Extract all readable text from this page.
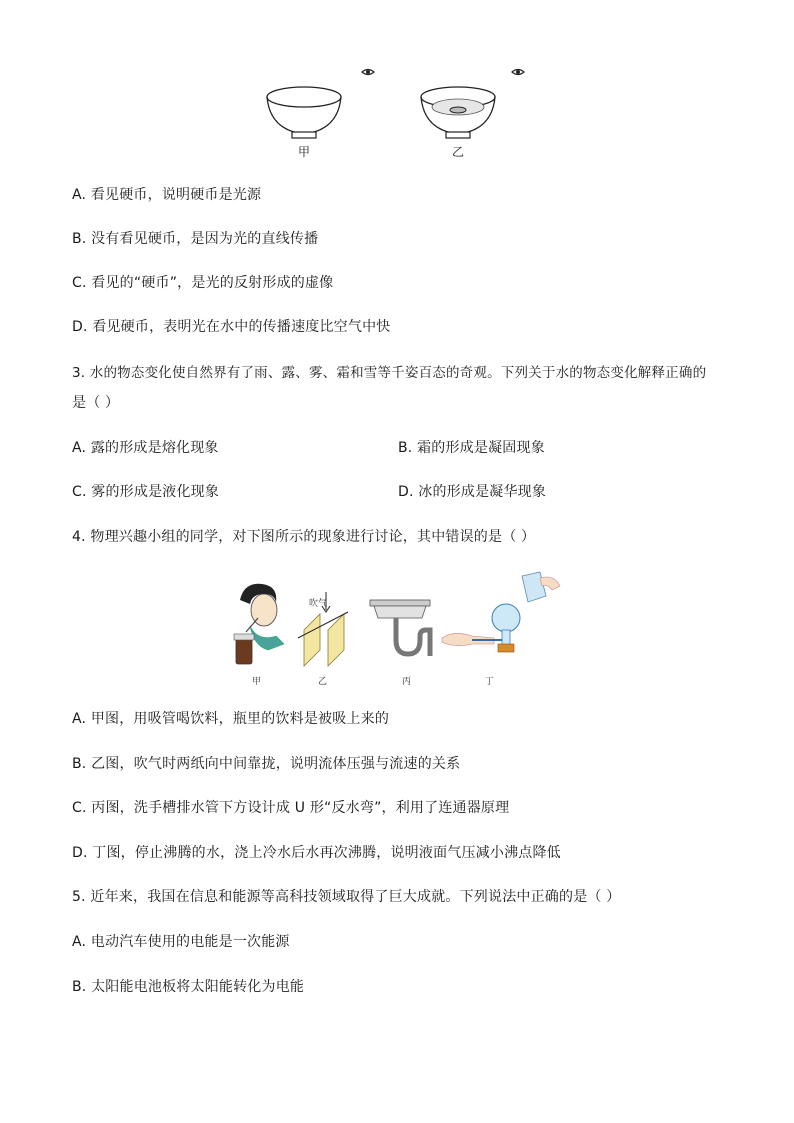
甲	乙
A. 看见硬币，说明硬币是光源
B. 没有看见硬币，是因为光的直线传播
C. 看见的“硬币”，是光的反射形成的虚像
D. 看见硬币，表明光在水中的传播速度比空气中快
3. 水的物态变化使自然界有了雨、露、雾、霜和雪等千姿百态的奇观。下列关于水的物态变化解释正确的
是（ ）
A. 露的形成是熔化现象	B. 霜的形成是凝固现象
C. 雾的形成是液化现象	D. 冰的形成是凝华现象
4. 物理兴趣小组的同学，对下图所示的现象进行讨论，其中错误的是（ ）
甲
吹气
乙	丙	丁
A. 甲图，用吸管喝饮料，瓶里的饮料是被吸上来的
B. 乙图，吹气时两纸向中间靠拢，说明流体压强与流速的关系
C. 丙图，洗手槽排水管下方设计成 U 形“反水弯”，利用了连通器原理
D. 丁图，停止沸腾的水，浇上冷水后水再次沸腾，说明液面气压减小沸点降低
5. 近年来，我国在信息和能源等高科技领域取得了巨大成就。下列说法中正确的是（ ）
A. 电动汽车使用的电能是一次能源
B. 太阳能电池板将太阳能转化为电能
